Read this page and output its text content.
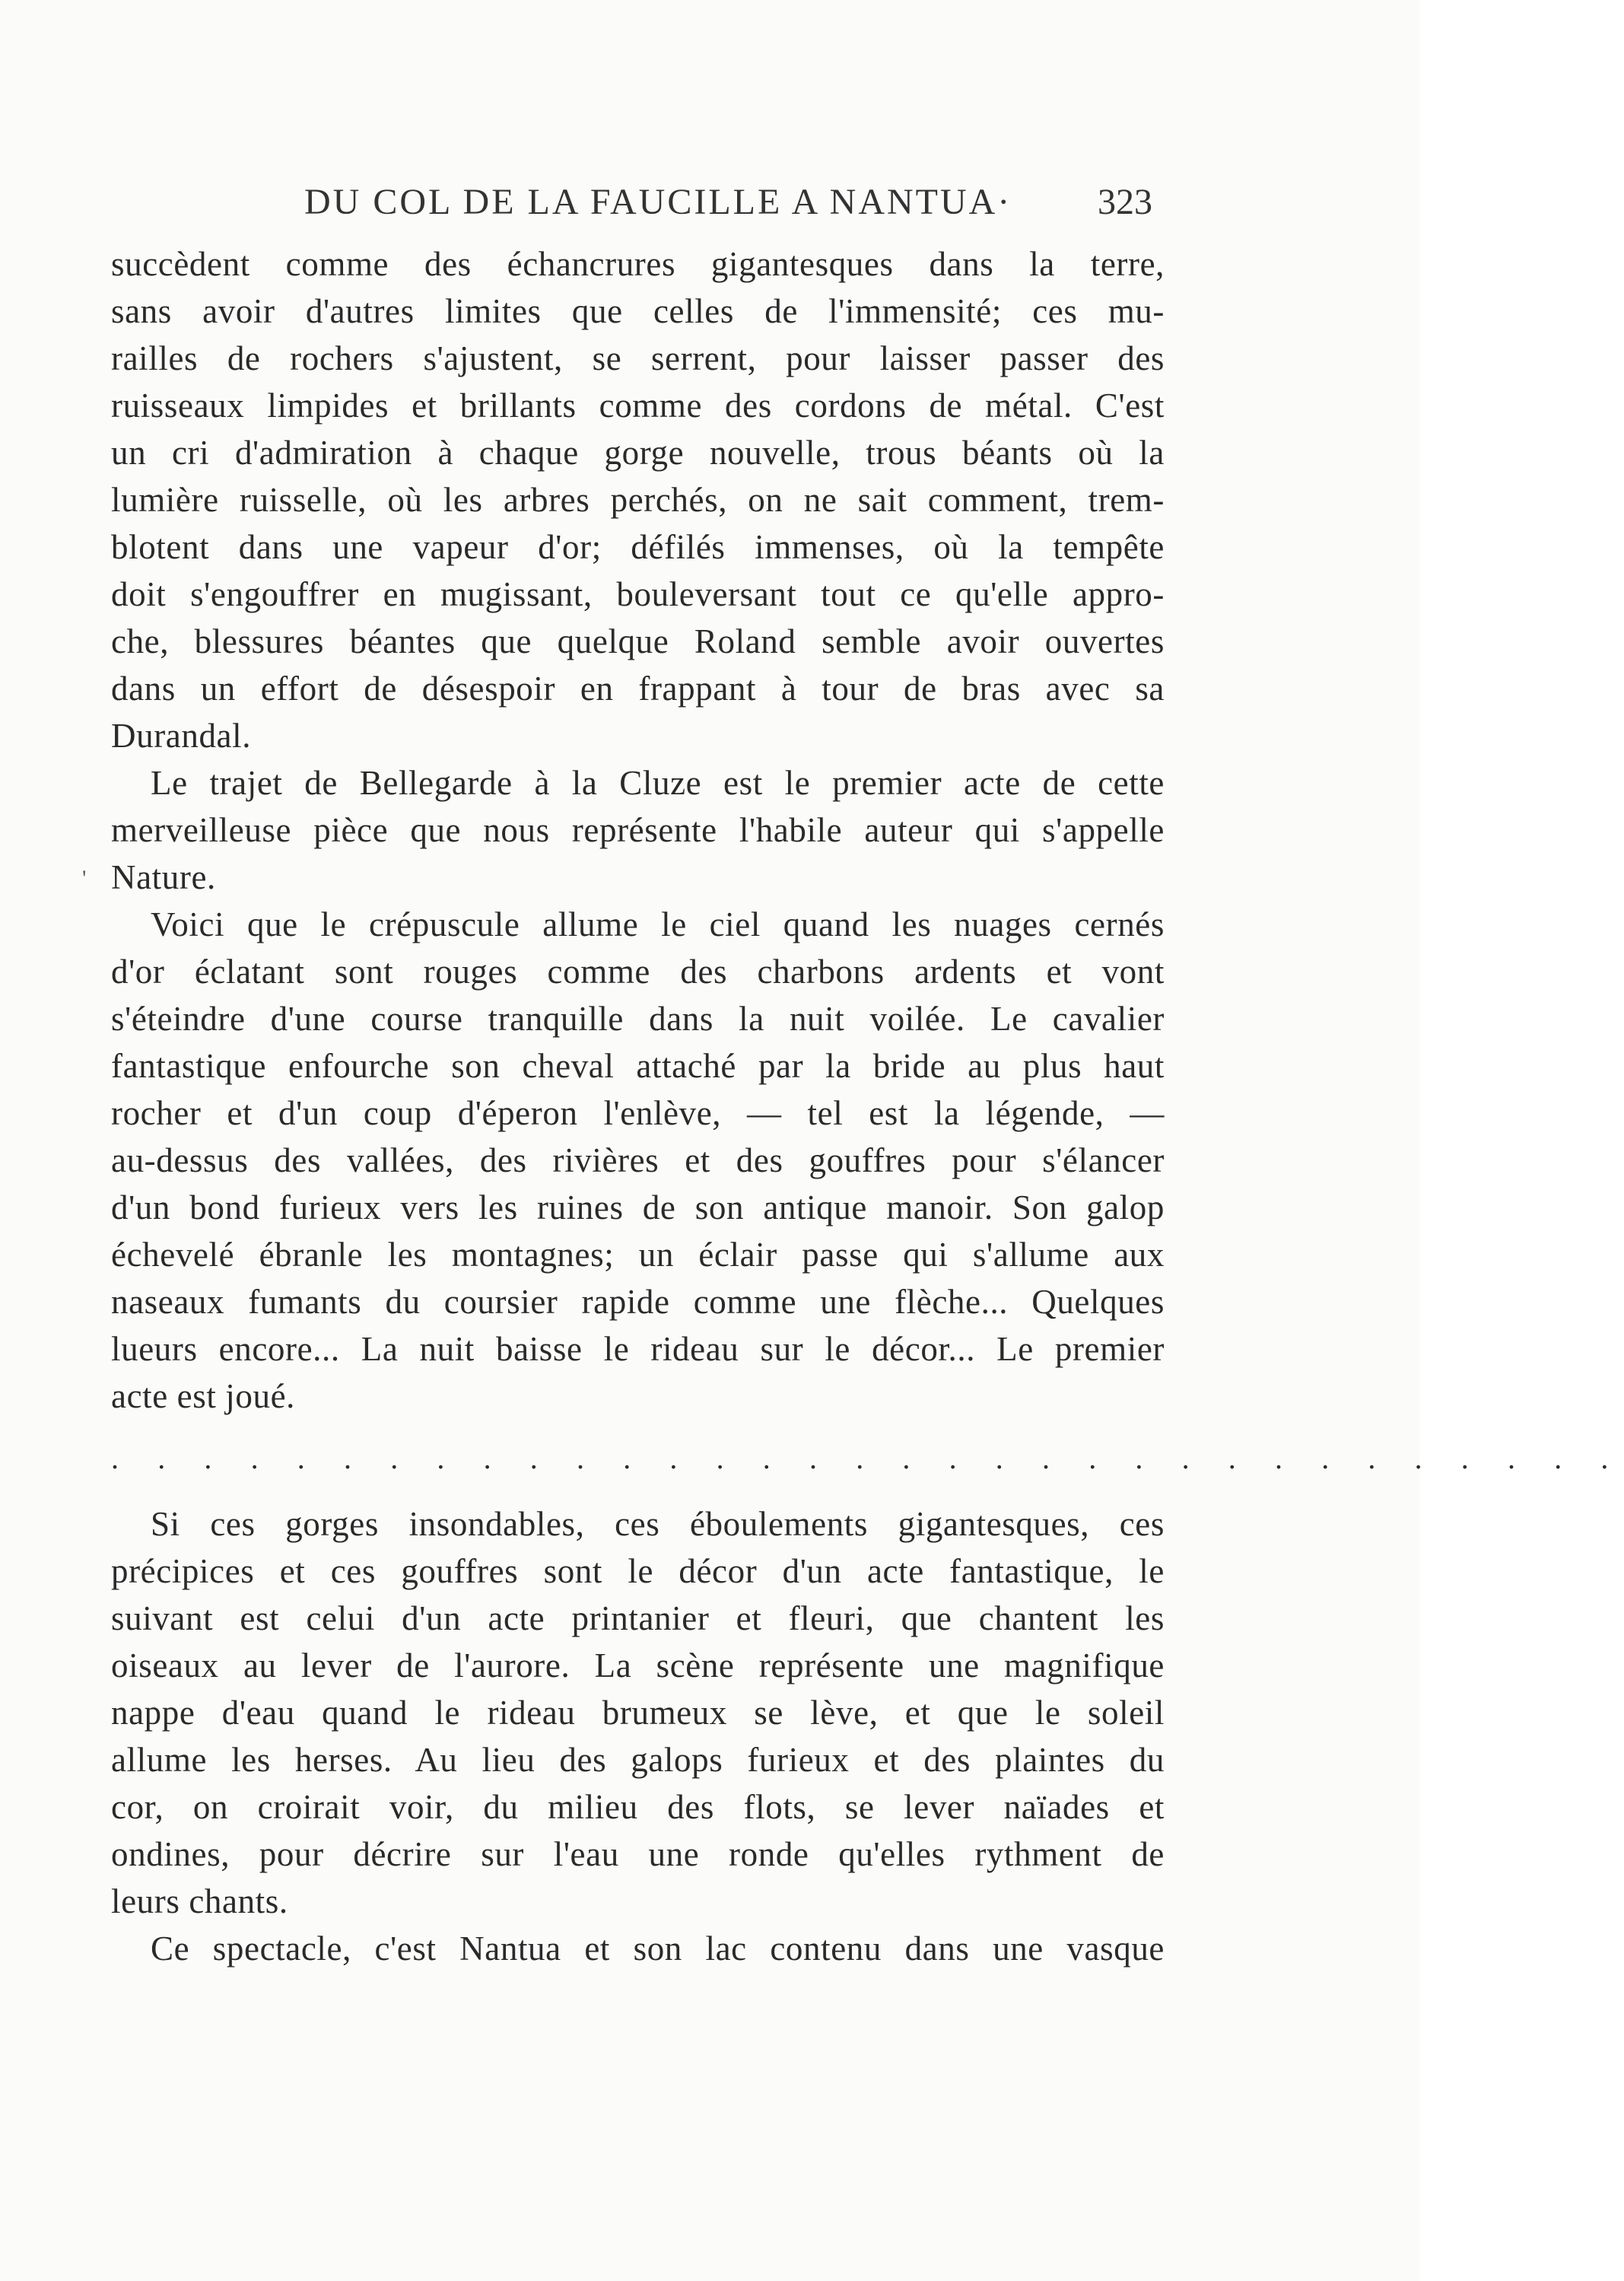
DU COL DE LA FAUCILLE A NANTUA· 323
'
succèdent comme des échancrures gigantesques dans la terre,
sans avoir d'autres limites que celles de l'immensité; ces mu-
railles de rochers s'ajustent, se serrent, pour laisser passer des
ruisseaux limpides et brillants comme des cordons de métal. C'est
un cri d'admiration à chaque gorge nouvelle, trous béants où la
lumière ruisselle, où les arbres perchés, on ne sait comment, trem-
blotent dans une vapeur d'or; défilés immenses, où la tempête
doit s'engouffrer en mugissant, bouleversant tout ce qu'elle appro-
che, blessures béantes que quelque Roland semble avoir ouvertes
dans un effort de désespoir en frappant à tour de bras avec sa
Durandal.
Le trajet de Bellegarde à la Cluze est le premier acte de cette
merveilleuse pièce que nous représente l'habile auteur qui s'appelle
Nature.
Voici que le crépuscule allume le ciel quand les nuages cernés
d'or éclatant sont rouges comme des charbons ardents et vont
s'éteindre d'une course tranquille dans la nuit voilée. Le cavalier
fantastique enfourche son cheval attaché par la bride au plus haut
rocher et d'un coup d'éperon l'enlève, — tel est la légende, —
au-dessus des vallées, des rivières et des gouffres pour s'élancer
d'un bond furieux vers les ruines de son antique manoir. Son galop
échevelé ébranle les montagnes; un éclair passe qui s'allume aux
naseaux fumants du coursier rapide comme une flèche... Quelques
lueurs encore... La nuit baisse le rideau sur le décor... Le premier
acte est joué.
. . . . . . . . . . . . . . . . . . . . . . . . . . . . . . . . .
Si ces gorges insondables, ces éboulements gigantesques, ces
précipices et ces gouffres sont le décor d'un acte fantastique, le
suivant est celui d'un acte printanier et fleuri, que chantent les
oiseaux au lever de l'aurore. La scène représente une magnifique
nappe d'eau quand le rideau brumeux se lève, et que le soleil
allume les herses. Au lieu des galops furieux et des plaintes du
cor, on croirait voir, du milieu des flots, se lever naïades et
ondines, pour décrire sur l'eau une ronde qu'elles rythment de
leurs chants.
Ce spectacle, c'est Nantua et son lac contenu dans une vasque
